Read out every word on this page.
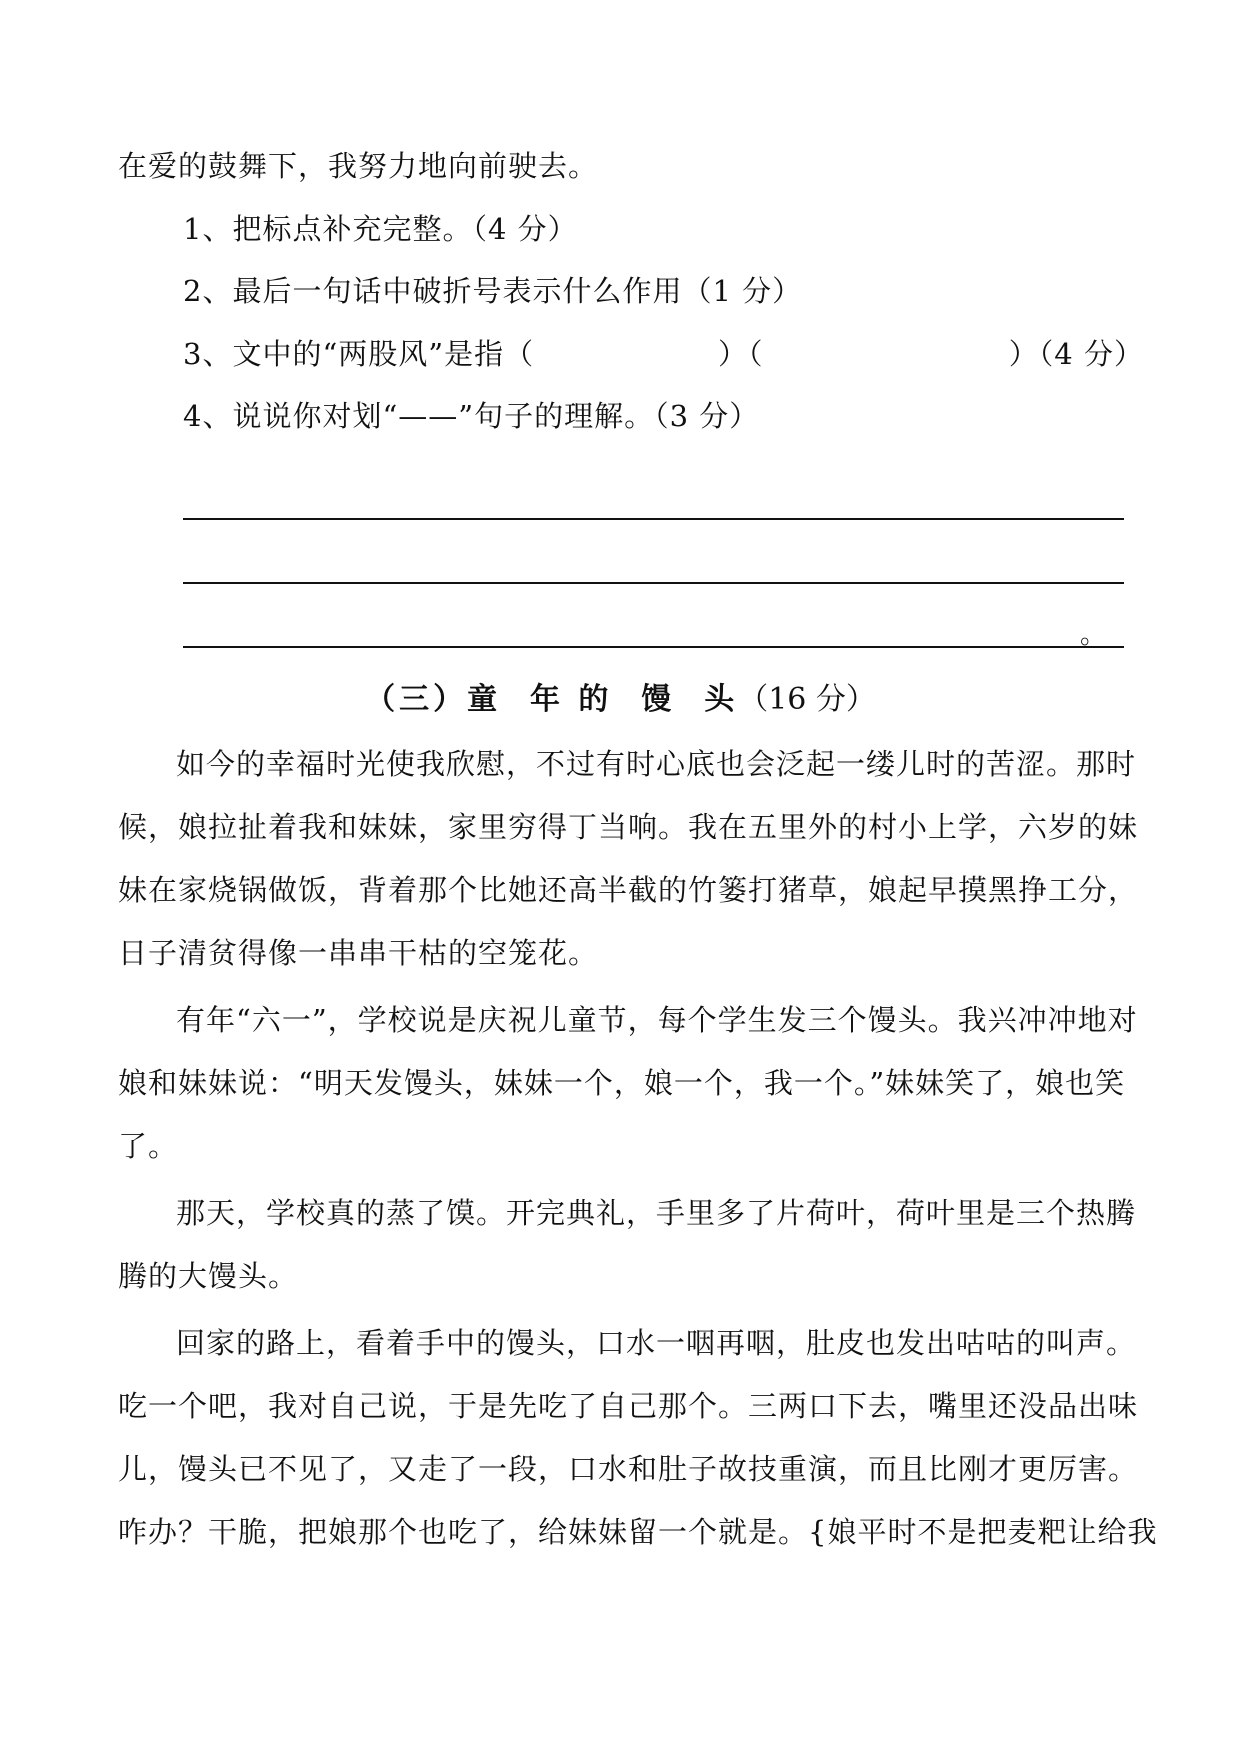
在爱的鼓舞下，我努力地向前驶去。
1、把标点补充完整。（4 分）
2、最后一句话中破折号表示什么作用（1 分）
3、文中的“两股风”是指（                  ）（                        ）（4 分）
4、说说你对划“——”句子的理解。（3 分）
。
（三）童  年 的  馒  头（16 分）
如今的幸福时光使我欣慰，不过有时心底也会泛起一缕儿时的苦涩。那时
候，娘拉扯着我和妹妹，家里穷得丁当响。我在五里外的村小上学，六岁的妹
妹在家烧锅做饭，背着那个比她还高半截的竹篓打猪草，娘起早摸黑挣工分，
日子清贫得像一串串干枯的空笼花。
有年“六一”，学校说是庆祝儿童节，每个学生发三个馒头。我兴冲冲地对
娘和妹妹说：“明天发馒头，妹妹一个，娘一个，我一个。”妹妹笑了，娘也笑
了。
那天，学校真的蒸了馍。开完典礼，手里多了片荷叶，荷叶里是三个热腾
腾的大馒头。
回家的路上，看着手中的馒头，口水一咽再咽，肚皮也发出咕咕的叫声。
吃一个吧，我对自己说，于是先吃了自己那个。三两口下去，嘴里还没品出味
儿，馒头已不见了，又走了一段，口水和肚子故技重演，而且比刚才更厉害。
咋办？干脆，把娘那个也吃了，给妹妹留一个就是。{娘平时不是把麦粑让给我
